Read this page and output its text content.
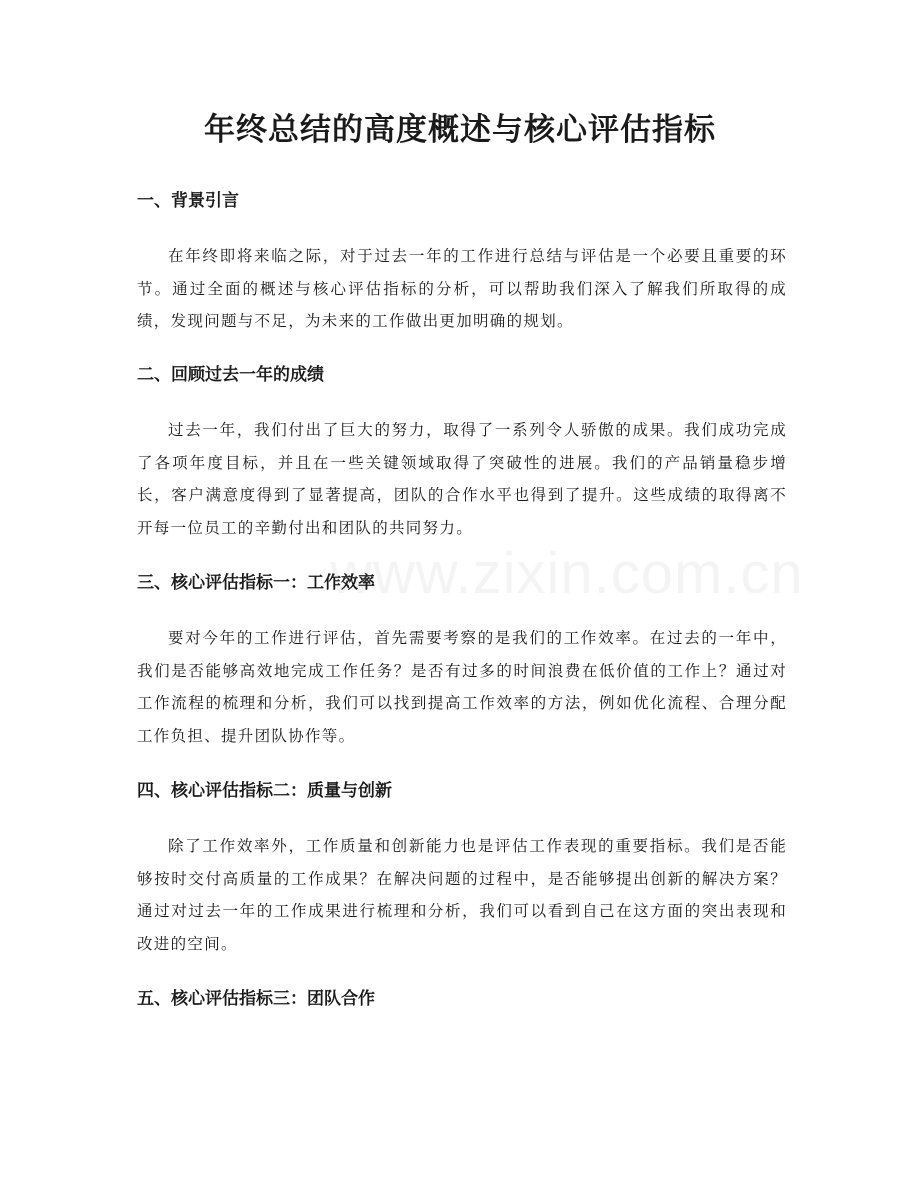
年终总结的高度概述与核心评估指标
一、背景引言

在年终即将来临之际，对于过去一年的工作进行总结与评估是一个必要且重要的环节。通过全面的概述与核心评估指标的分析，可以帮助我们深入了解我们所取得的成绩，发现问题与不足，为未来的工作做出更加明确的规划。

二、回顾过去一年的成绩

过去一年，我们付出了巨大的努力，取得了一系列令人骄傲的成果。我们成功完成了各项年度目标，并且在一些关键领域取得了突破性的进展。我们的产品销量稳步增长，客户满意度得到了显著提高，团队的合作水平也得到了提升。这些成绩的取得离不开每一位员工的辛勤付出和团队的共同努力。

三、核心评估指标一：工作效率

要对今年的工作进行评估，首先需要考察的是我们的工作效率。在过去的一年中，我们是否能够高效地完成工作任务？是否有过多的时间浪费在低价值的工作上？通过对工作流程的梳理和分析，我们可以找到提高工作效率的方法，例如优化流程、合理分配工作负担、提升团队协作等。

四、核心评估指标二：质量与创新

除了工作效率外，工作质量和创新能力也是评估工作表现的重要指标。我们是否能够按时交付高质量的工作成果？在解决问题的过程中，是否能够提出创新的解决方案？通过对过去一年的工作成果进行梳理和分析，我们可以看到自己在这方面的突出表现和改进的空间。

五、核心评估指标三：团队合作
www.zixin.com.cn
